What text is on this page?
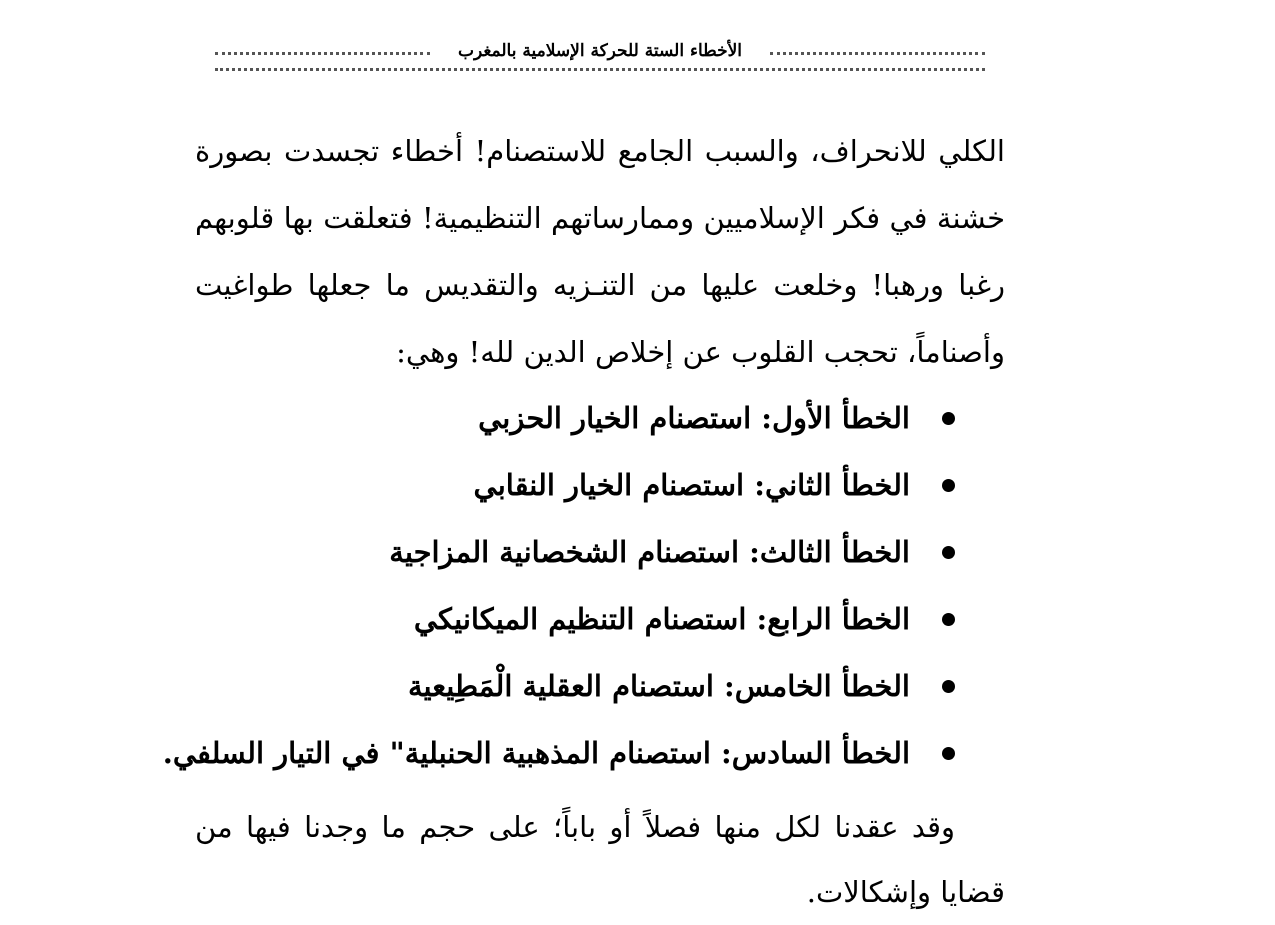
الأخطاء الستة للحركة الإسلامية بالمغرب

الكلي للانحراف، والسبب الجامع للاستصنام! أخطاء تجسدت بصورة خشنة في فكر الإسلاميين وممارساتهم التنظيمية! فتعلقت بها قلوبهم رغبا ورهبا! وخلعت عليها من التنـزيه والتقديس ما جعلها طواغيت وأصناماً، تحجب القلوب عن إخلاص الدين لله! وهي:

الخطأ الأول:

استصنام الخيار الحزبي
الخطأ الثاني:

استصنام الخيار النقابي
الخطأ الثالث:

استصنام الشخصانية المزاجية
الخطأ الرابع:

استصنام التنظيم الميكانيكي
الخطأ الخامس:

استصنام العقلية الْمَطِيعية
الخطأ السادس:

استصنام المذهبية الحنبلية" في التيار السلفي.

وقد عقدنا لكل منها فصلاً أو باباً؛ على حجم ما وجدنا فيها من قضايا وإشكالات.
